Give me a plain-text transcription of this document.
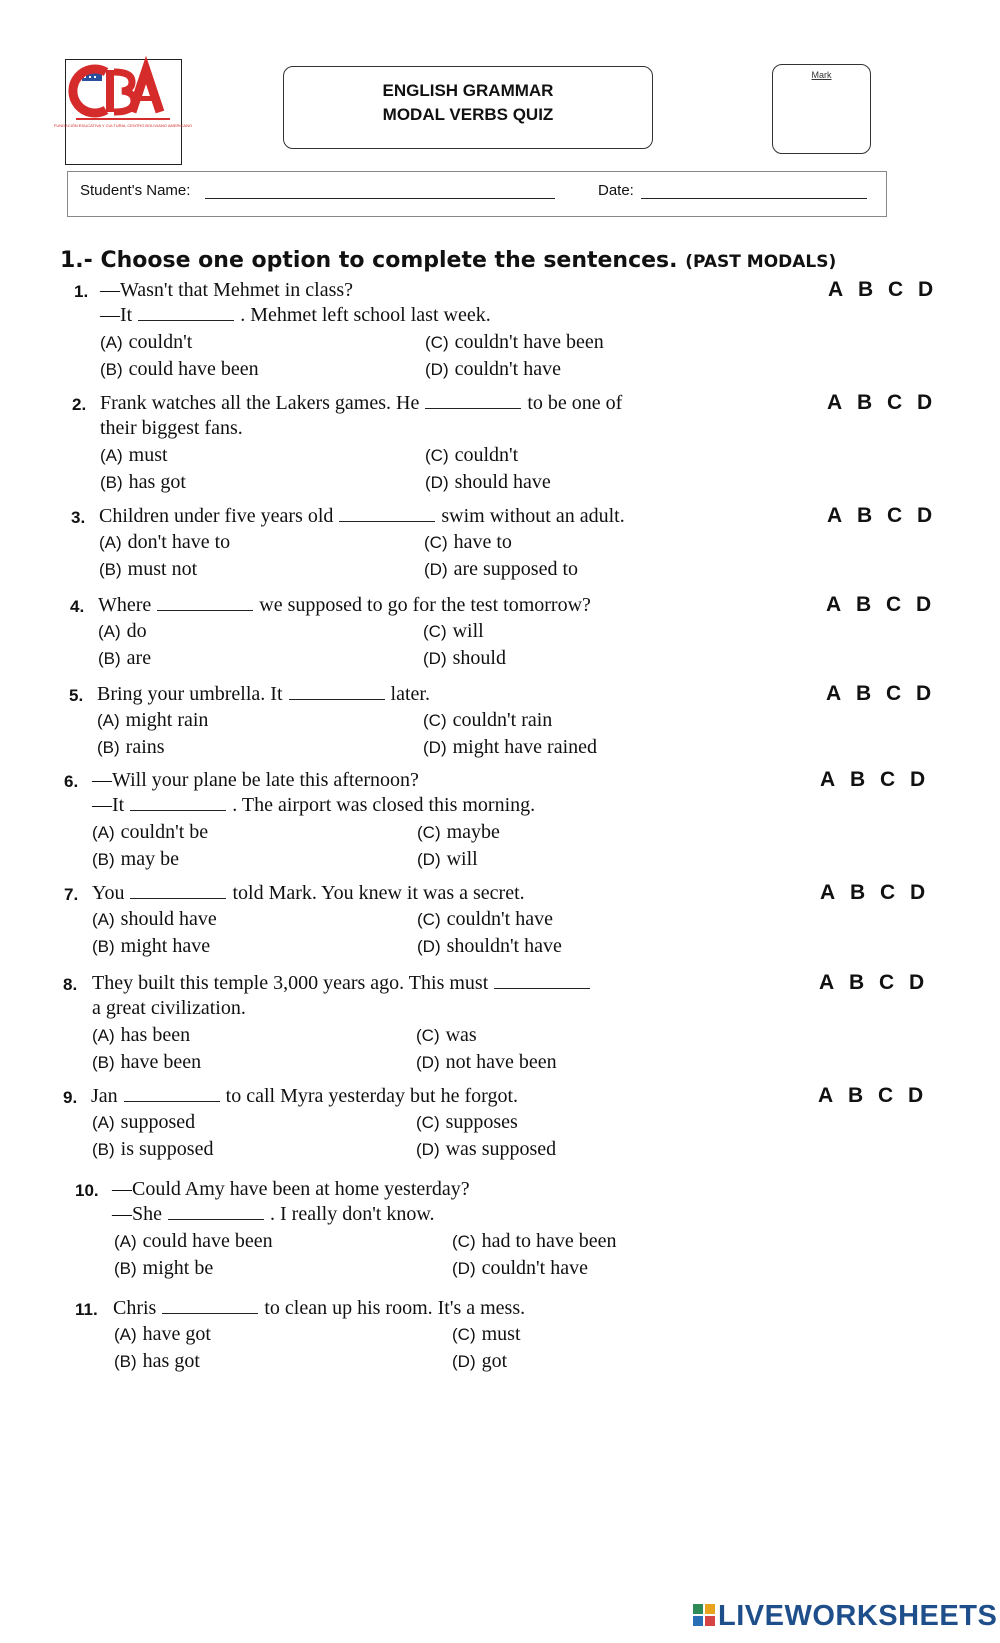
FUNDACIÓN EDUCATIVA Y CULTURAL CENTRO BOLIVIANO AMERICANO
ENGLISH GRAMMAR
MODAL VERBS QUIZ
Mark
Student's Name:	Date:
1.- Choose one option to complete the sentences. (PAST MODALS)
1. —Wasn't that Mehmet in class?
—It	. Mehmet left school last week.
(A) couldn't
(B) could have been
(C) couldn't have been
(D) couldn't have
A B C D
2. Frank watches all the Lakers games. He	to be one of
their biggest fans.
(A) must
(B) has got
(C) couldn't
(D) should have
A B C D
3. Children under five years old	swim without an adult.
(A) don't have to
(B) must not
(C) have to
(D) are supposed to
A B C D
4. Where	we supposed to go for the test tomorrow?
(A) do
(B) are
(C) will
(D) should
A B C D
5. Bring your umbrella. It	later.
(A) might rain
(B) rains
(C) couldn't rain
(D) might have rained
A B C D
6. —Will your plane be late this afternoon?
—It	. The airport was closed this morning.
(A) couldn't be
(B) may be
(C) maybe
(D) will
A B C D
7. You	told Mark. You knew it was a secret.
(A) should have
(B) might have
(C) couldn't have
(D) shouldn't have
A B C D
8. They built this temple 3,000 years ago. This must
a great civilization.
(A) has been
(B) have been
(C) was
(D) not have been
A B C D
9. Jan	to call Myra yesterday but he forgot.
(A) supposed
(B) is supposed
(C) supposes
(D) was supposed
A B C D
10. —Could Amy have been at home yesterday?
—She	. I really don't know.
(A) could have been
(B) might be
(C) had to have been
(D) couldn't have
11. Chris	to clean up his room. It's a mess.
(A) have got
(B) has got
(C) must
(D) got
LIVEWORKSHEETS
